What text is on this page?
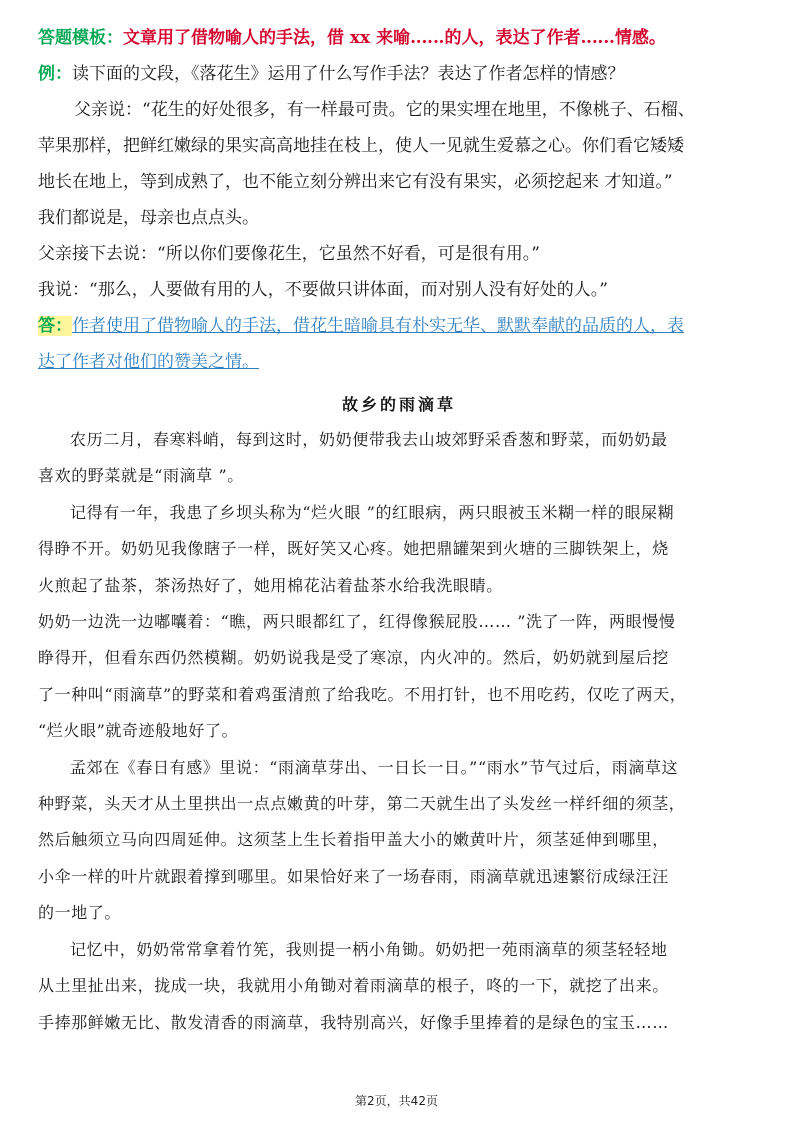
答题模板：文章用了借物喻人的手法，借 xx 来喻‥‥‥的人，表达了作者‥‥‥情感。
例：读下面的文段，《落花生》运用了什么写作手法？表达了作者怎样的情感？
父亲说：“花生的好处很多，有一样最可贵。它的果实埋在地里，不像桃子、石榴、
苹果那样，把鲜红嫩绿的果实高高地挂在枝上，使人一见就生爱慕之心。你们看它矮矮
地长在地上，等到成熟了，也不能立刻分辨出来它有没有果实，必须挖起来 才知道。”
我们都说是，母亲也点点头。
父亲接下去说：“所以你们要像花生，它虽然不好看，可是很有用。”
我说：“那么，人要做有用的人，不要做只讲体面，而对别人没有好处的人。”
答：作者使用了借物喻人的手法，借花生暗喻具有朴实无华、默默奉献的品质的人，表
达了作者对他们的赞美之情。
故乡的雨滴草

农历二月，春寒料峭，每到这时，奶奶便带我去山坡郊野采香葱和野菜，而奶奶最

喜欢的野菜就是“雨滴草 ”。

记得有一年，我患了乡坝头称为“烂火眼 ”的红眼病，两只眼被玉米糊一样的眼屎糊

得睁不开。奶奶见我像瞎子一样，既好笑又心疼。她把鼎罐架到火塘的三脚铁架上，烧

火煎起了盐茶，茶汤热好了，她用棉花沾着盐茶水给我洗眼睛。

奶奶一边洗一边嘟囔着：“瞧，两只眼都红了，红得像猴屁股…… ”洗了一阵，两眼慢慢

睁得开，但看东西仍然模糊。奶奶说我是受了寒凉，内火冲的。然后，奶奶就到屋后挖

了一种叫“雨滴草”的野菜和着鸡蛋清煎了给我吃。不用打针，也不用吃药，仅吃了两天，

“烂火眼”就奇迹般地好了。

孟郊在《春日有感》里说：“雨滴草芽出、一日长一日。”“雨水”节气过后，雨滴草这

种野菜，头天才从土里拱出一点点嫩黄的叶芽，第二天就生出了头发丝一样纤细的须茎，

然后触须立马向四周延伸。这须茎上生长着指甲盖大小的嫩黄叶片，须茎延伸到哪里，

小伞一样的叶片就跟着撑到哪里。如果恰好来了一场春雨，雨滴草就迅速繁衍成绿汪汪

的一地了。

记忆中，奶奶常常拿着竹筅，我则提一柄小角锄。奶奶把一苑雨滴草的须茎轻轻地

从土里扯出来，拢成一块，我就用小角锄对着雨滴草的根子，咚的一下，就挖了出来。

手捧那鲜嫩无比、散发清香的雨滴草，我特别高兴，好像手里捧着的是绿色的宝玉……

第2页，共42页
